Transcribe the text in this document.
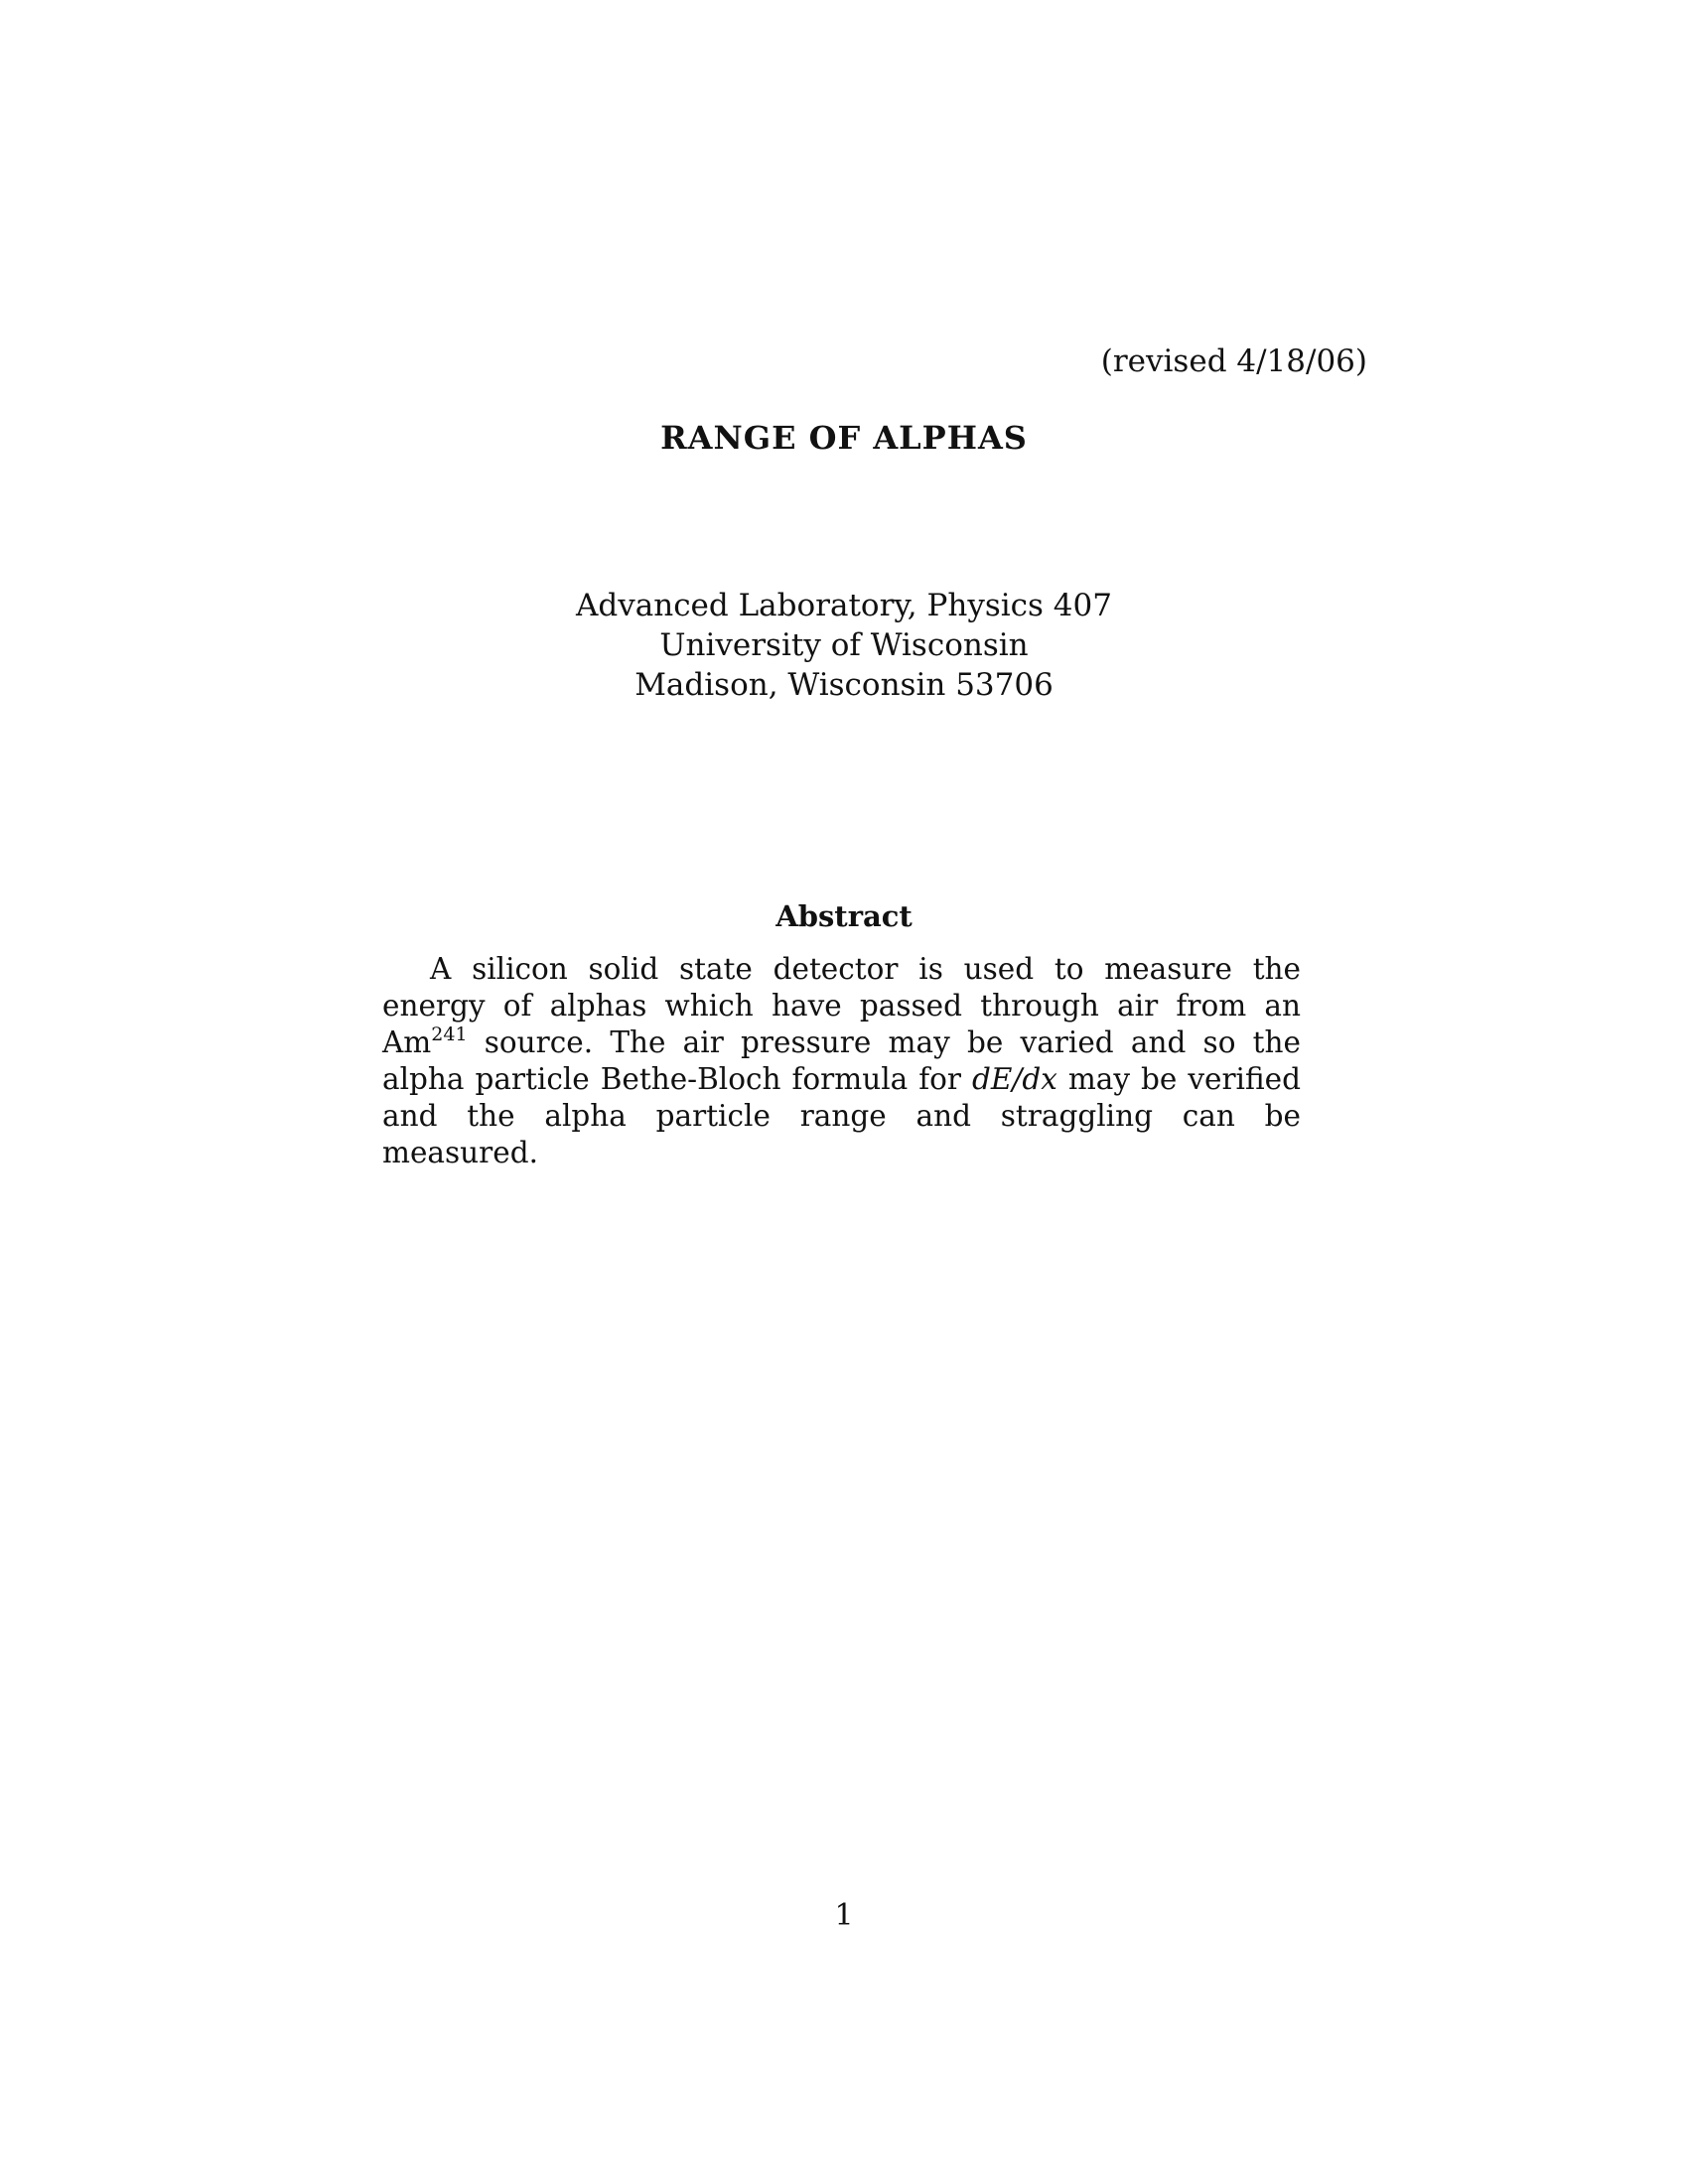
(revised 4/18/06)
RANGE OF ALPHAS
Advanced Laboratory, Physics 407
University of Wisconsin
Madison, Wisconsin 53706
Abstract
A silicon solid state detector is used to measure the energy of alphas which have passed through air from an Am$^{241}$ source. The air pressure may be varied and so the alpha particle Bethe-Bloch formula for dE/dx may be verified and the alpha particle range and straggling can be measured.
1
